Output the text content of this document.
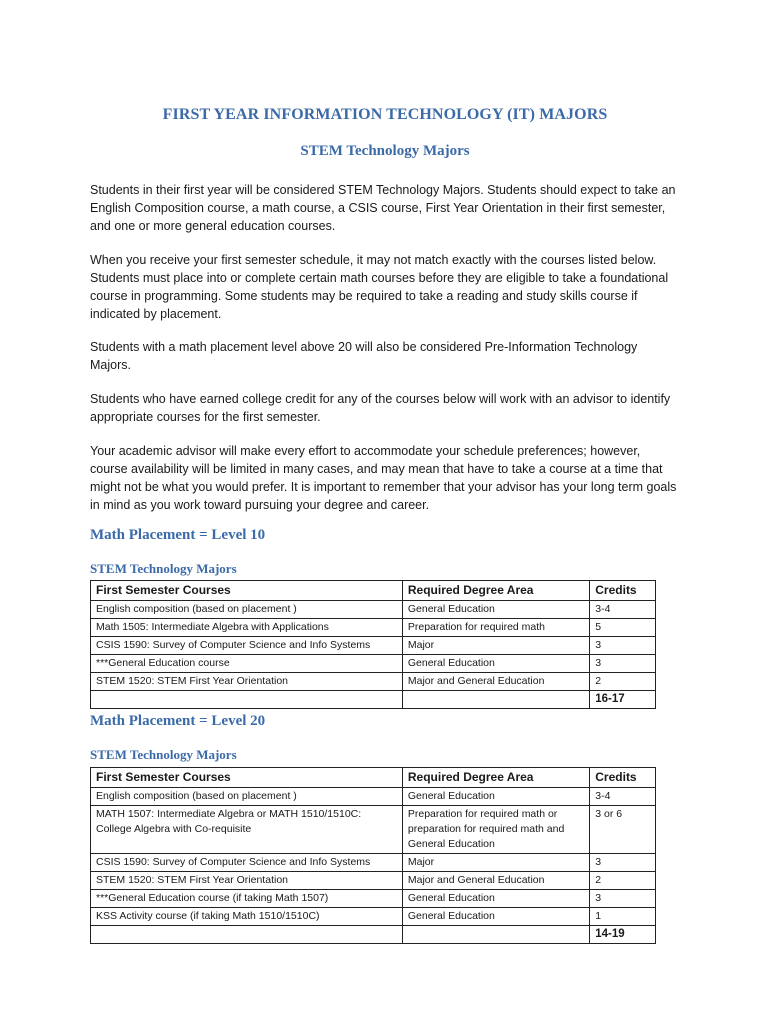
FIRST YEAR INFORMATION TECHNOLOGY (IT) MAJORS
STEM Technology Majors

Students in their first year will be considered STEM Technology Majors. Students should expect to take an English Composition course, a math course, a CSIS course, First Year Orientation in their first semester, and one or more general education courses.

When you receive your first semester schedule, it may not match exactly with the courses listed below. Students must place into or complete certain math courses before they are eligible to take a foundational course in programming. Some students may be required to take a reading and study skills course if indicated by placement.

Students with a math placement level above 20 will also be considered Pre-Information Technology Majors.

Students who have earned college credit for any of the courses below will work with an advisor to identify appropriate courses for the first semester.

Your academic advisor will make every effort to accommodate your schedule preferences; however, course availability will be limited in many cases, and may mean that have to take a course at a time that might not be what you would prefer. It is important to remember that your advisor has your long term goals in mind as you work toward pursuing your degree and career.

Math Placement = Level 10
STEM Technology Majors
First Semester Courses	Required Degree Area	Credits
English composition (based on placement )	General Education	3-4
Math 1505: Intermediate Algebra with Applications	Preparation for required math	5
CSIS 1590: Survey of Computer Science and Info Systems	Major	3
***General Education course	General Education	3
STEM 1520: STEM First Year Orientation	Major and General Education	2
		16-17
Math Placement = Level 20
STEM Technology Majors
First Semester Courses	Required Degree Area	Credits
English composition (based on placement )	General Education	3-4
MATH 1507: Intermediate Algebra or MATH 1510/1510C: College Algebra with Co-requisite	Preparation for required math or preparation for required math and General Education	3 or 6
CSIS 1590: Survey of Computer Science and Info Systems	Major	3
STEM 1520: STEM First Year Orientation	Major and General Education	2
***General Education course (if taking Math 1507)	General Education	3
KSS Activity course (if taking Math 1510/1510C)	General Education	1
		14-19
